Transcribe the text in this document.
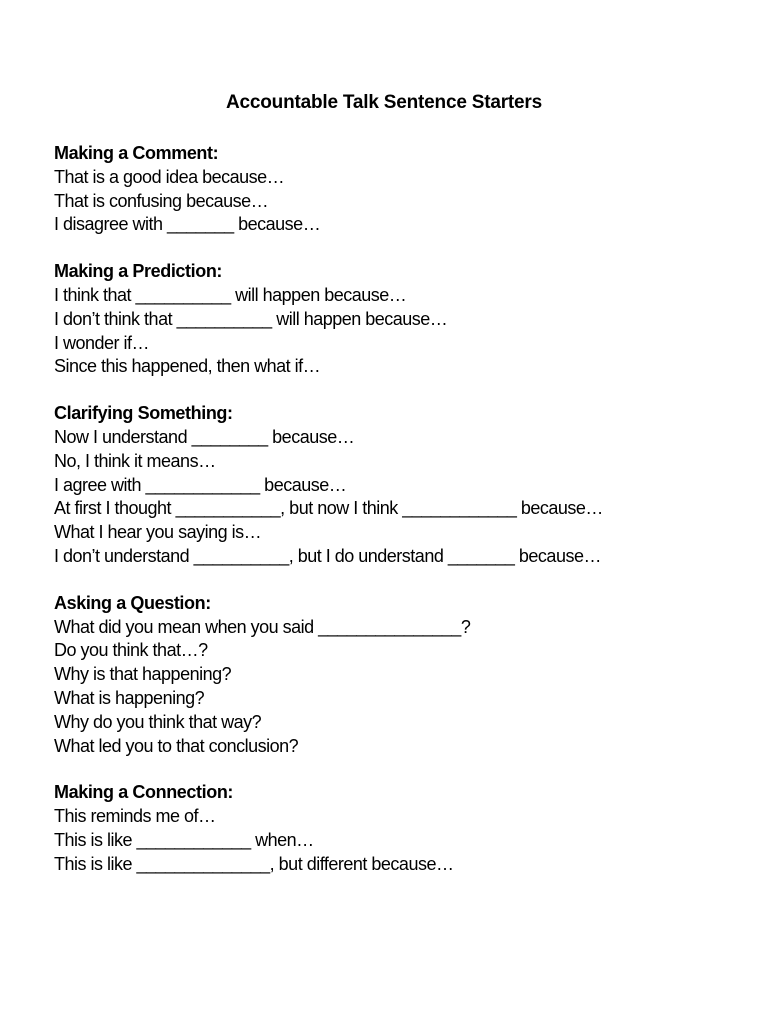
Accountable Talk Sentence Starters
Making a Comment:
That is a good idea because…
That is confusing because…
I disagree with _______ because…
Making a Prediction:
I think that __________ will happen because…
I don’t think that __________ will happen because…
I wonder if…
Since this happened, then what if…
Clarifying Something:
Now I understand ________ because…
No, I think it means…
I agree with ____________ because…
At first I thought ___________, but now I think ____________ because…
What I hear you saying is…
I don’t understand __________, but I do understand _______ because…
Asking a Question:
What did you mean when you said _______________?
Do you think that…?
Why is that happening?
What is happening?
Why do you think that way?
What led you to that conclusion?
Making a Connection:
This reminds me of…
This is like ____________ when…
This is like ______________, but different because…
